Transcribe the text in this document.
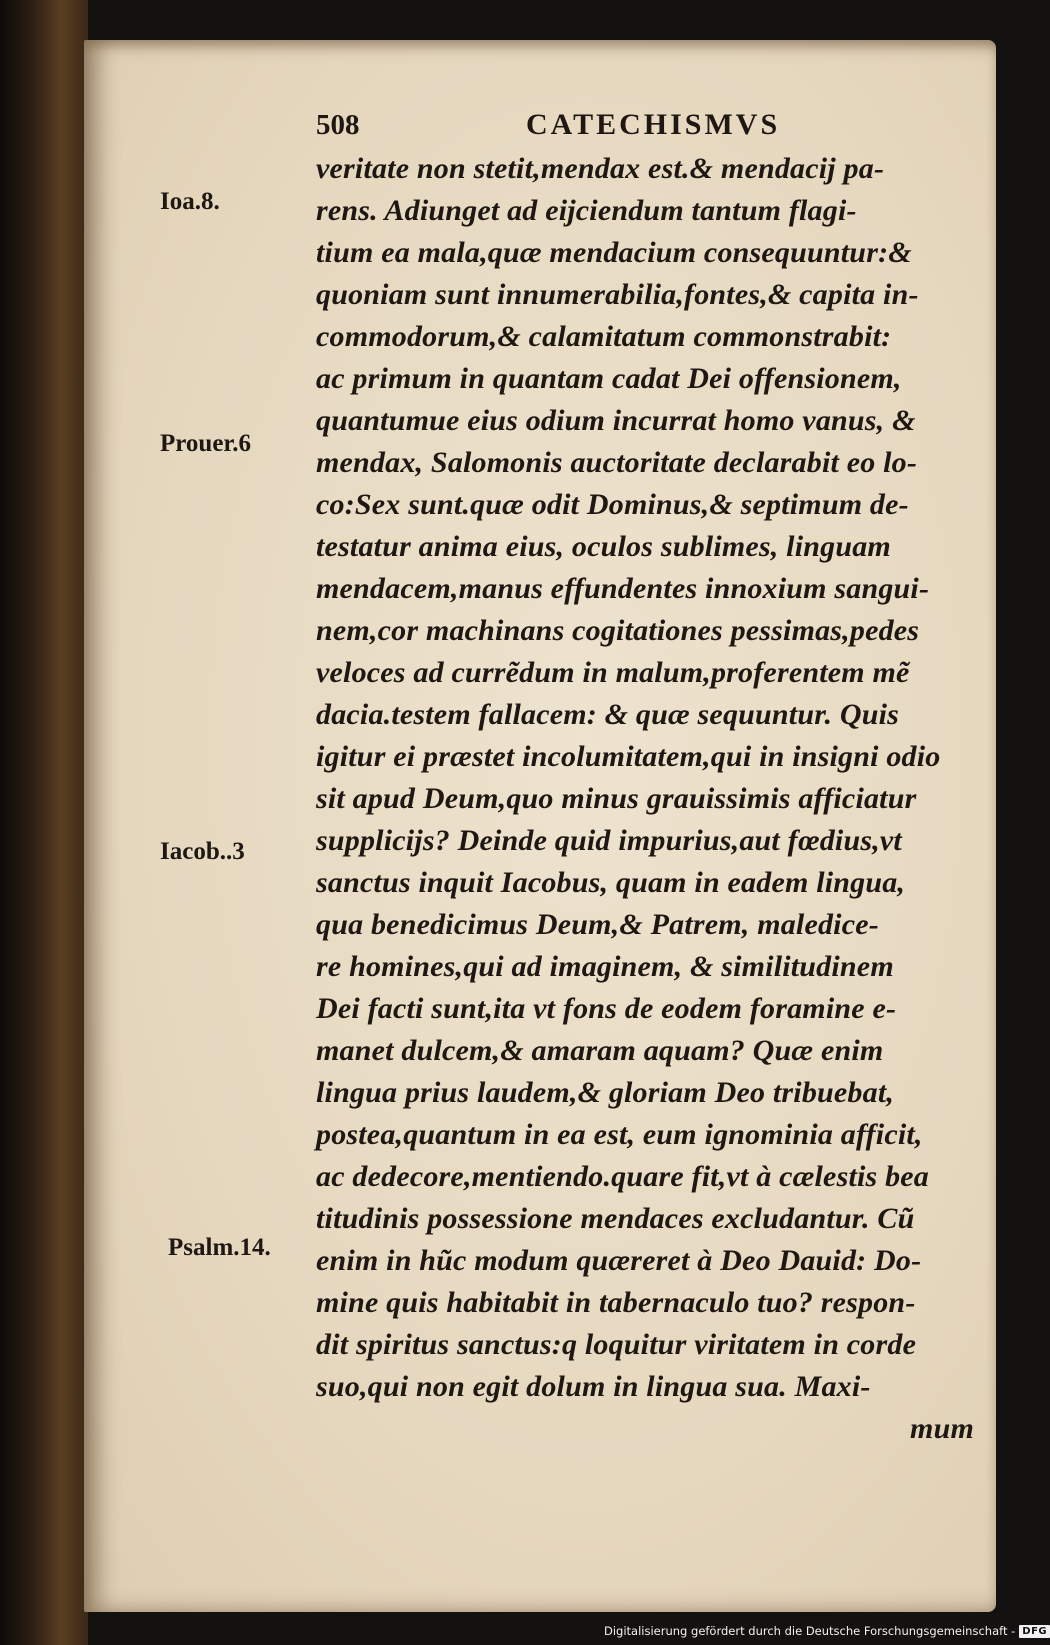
508	CATECHISMVS
Ioa.8.
Prouer.6
Iacob..3
Psalm.14.
veritate non stetit,mendax est.& mendacij pa-
rens. Adiunget ad eijciendum tantum flagi-
tium ea mala,quæ mendacium consequuntur:&
quoniam sunt innumerabilia,fontes,& capita in-
commodorum,& calamitatum commonstrabit:
ac primum in quantam cadat Dei offensionem,
quantumue eius odium incurrat homo vanus, &
mendax, Salomonis auctoritate declarabit eo lo-
co:Sex sunt.quæ odit Dominus,& septimum de-
testatur anima eius, oculos sublimes, linguam
mendacem,manus effundentes innoxium sangui-
nem,cor machinans cogitationes pessimas,pedes
veloces ad currẽdum in malum,proferentem mẽ
dacia.testem fallacem: & quæ sequuntur. Quis
igitur ei præstet incolumitatem,qui in insigni odio
sit apud Deum,quo minus grauissimis afficiatur
supplicijs? Deinde quid impurius,aut fœdius,vt
sanctus inquit Iacobus, quam in eadem lingua,
qua benedicimus Deum,& Patrem, maledice-
re homines,qui ad imaginem, & similitudinem
Dei facti sunt,ita vt fons de eodem foramine e-
manet dulcem,& amaram aquam? Quæ enim
lingua prius laudem,& gloriam Deo tribuebat,
postea,quantum in ea est, eum ignominia afficit,
ac dedecore,mentiendo.quare fit,vt à cælestis bea
titudinis possessione mendaces excludantur. Cũ
enim in hũc modum quæreret à Deo Dauid: Do-
mine quis habitabit in tabernaculo tuo? respon-
dit spiritus sanctus:q loquitur viritatem in corde
suo,qui non egit dolum in lingua sua. Maxi-
mum
Digitalisierung gefördert durch die Deutsche Forschungsgemeinschaft - DFG
